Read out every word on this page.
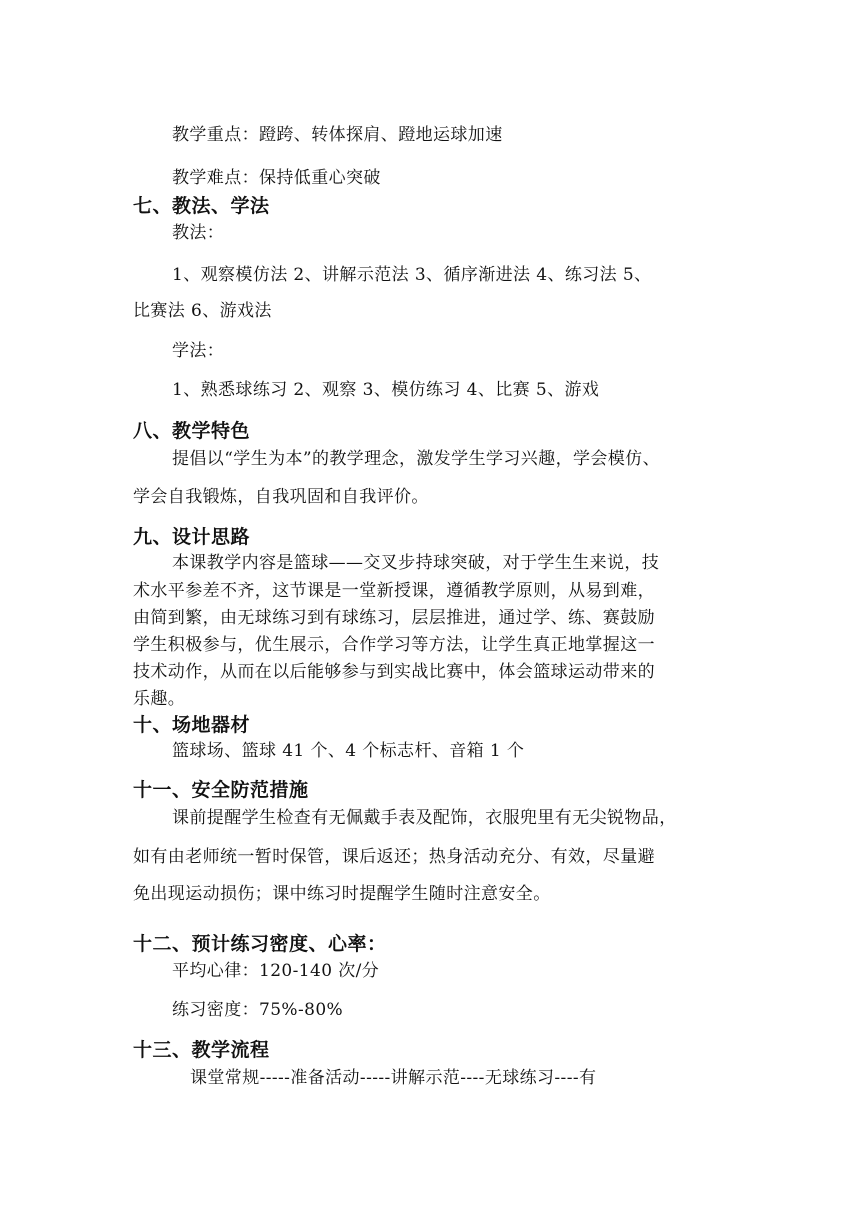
教学重点：蹬跨、转体探肩、蹬地运球加速
教学难点：保持低重心突破
七、教法、学法
教法：
1、观察模仿法 2、讲解示范法 3、循序渐进法 4、练习法 5、
比赛法 6、游戏法
学法：
1、熟悉球练习 2、观察 3、模仿练习 4、比赛 5、游戏
八、教学特色
提倡以“学生为本”的教学理念，激发学生学习兴趣，学会模仿、
学会自我锻炼，自我巩固和自我评价。
九、设计思路
本课教学内容是篮球——交叉步持球突破，对于学生生来说，技
术水平参差不齐，这节课是一堂新授课，遵循教学原则，从易到难，
由简到繁，由无球练习到有球练习，层层推进，通过学、练、赛鼓励
学生积极参与，优生展示，合作学习等方法，让学生真正地掌握这一
技术动作，从而在以后能够参与到实战比赛中，体会篮球运动带来的
乐趣。
十、场地器材
篮球场、篮球 41 个、4 个标志杆、音箱 1 个
十一、安全防范措施
课前提醒学生检查有无佩戴手表及配饰，衣服兜里有无尖锐物品，
如有由老师统一暂时保管，课后返还；热身活动充分、有效，尽量避
免出现运动损伤；课中练习时提醒学生随时注意安全。
十二、预计练习密度、心率：
平均心律：120-140 次/分
练习密度：75%-80%
十三、教学流程
课堂常规-----准备活动-----讲解示范----无球练习----有
